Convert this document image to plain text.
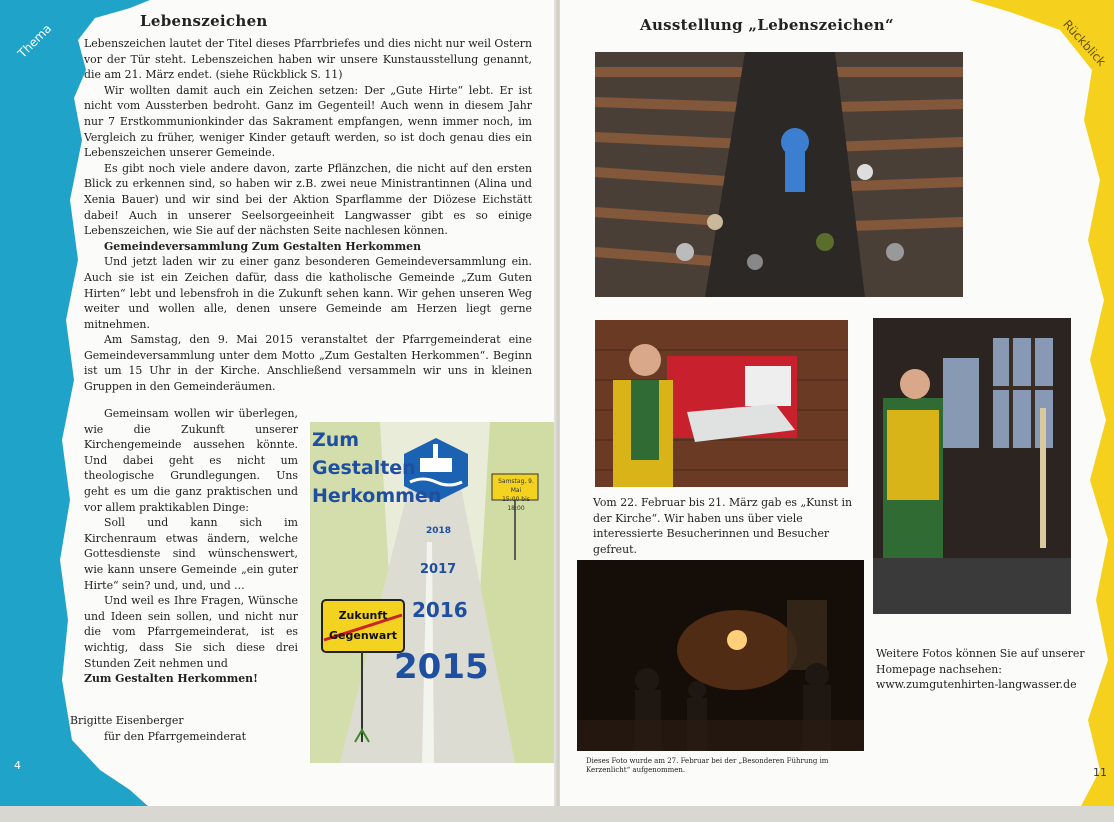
Thema
Lebenszeichen

Lebenszeichen lautet der Titel dieses Pfarrbriefes und dies nicht nur weil Ostern vor der Tür steht. Lebenszeichen haben wir unsere Kunstausstellung genannt, die am 21. März endet. (siehe Rückblick S. 11)

Wir wollten damit auch ein Zeichen setzen: Der „Gute Hirte“ lebt. Er ist nicht vom Aussterben bedroht. Ganz im Gegenteil! Auch wenn in diesem Jahr nur 7 Erstkommunionkinder das Sakrament empfangen, wenn immer noch, im Vergleich zu früher, weniger Kinder getauft werden, so ist doch genau dies ein Lebenszeichen unserer Gemeinde.

Es gibt noch viele andere davon, zarte Pflänzchen, die nicht auf den ersten Blick zu erkennen sind, so haben wir z.B. zwei neue Ministrantinnen (Alina und Xenia Bauer) und wir sind bei der Aktion Sparflamme der Diözese Eichstätt dabei! Auch in unserer Seelsorgeeinheit Langwasser gibt es so einige Lebenszeichen, wie Sie auf der nächsten Seite nachlesen können.

Gemeindeversammlung Zum Gestalten Herkommen

Und jetzt laden wir zu einer ganz besonderen Gemeindeversammlung ein. Auch sie ist ein Zeichen dafür, dass die katholische Gemeinde „Zum Guten Hirten“ lebt und lebensfroh in die Zukunft sehen kann. Wir gehen unseren Weg weiter und wollen alle, denen unsere Gemeinde am Herzen liegt gerne mitnehmen.

Am Samstag, den 9. Mai 2015 veranstaltet der Pfarrgemeinderat eine Gemeindeversammlung unter dem Motto „Zum Gestalten Herkommen“. Beginn ist um 15 Uhr in der Kirche. Anschließend versammeln wir uns in kleinen Gruppen in den Gemeinderäumen.

Gemeinsam wollen wir überlegen, wie die Zukunft unserer Kirchengemeinde aussehen könnte. Und dabei geht es nicht um theologische Grundlegungen. Uns geht es um die ganz praktischen und vor allem praktikablen Dinge:

Soll und kann sich im Kirchenraum etwas ändern, welche Gottesdienste sind wünschenswert, wie kann unsere Gemeinde „ein guter Hirte“ sein? und, und, und ...

Und weil es Ihre Fragen, Wünsche und Ideen sein sollen, und nicht nur die vom Pfarrgemeinderat, ist es wichtig, dass Sie sich diese drei Stunden Zeit nehmen und

Zum Gestalten Herkommen!

Brigitte Eisenberger
für den Pfarrgemeinderat
Zum
Gestalten
Herkommen
Samstag, 9. Mai
15:00 bis 18:00
2018
2017
2016
2015
Zukunft
Gegenwart
4
Rückblick
Ausstellung „Lebenszeichen“
Vom 22. Februar bis 21. März gab es „Kunst in der Kirche“. Wir haben uns über viele interessierte Besucherinnen und Besucher gefreut.
Dieses Foto wurde am 27. Februar bei der „Besonderen Führung im Kerzenlicht“ aufgenommen.
Weitere Fotos können Sie auf unserer Homepage nachsehen:
www.zumgutenhirten-langwasser.de
11
